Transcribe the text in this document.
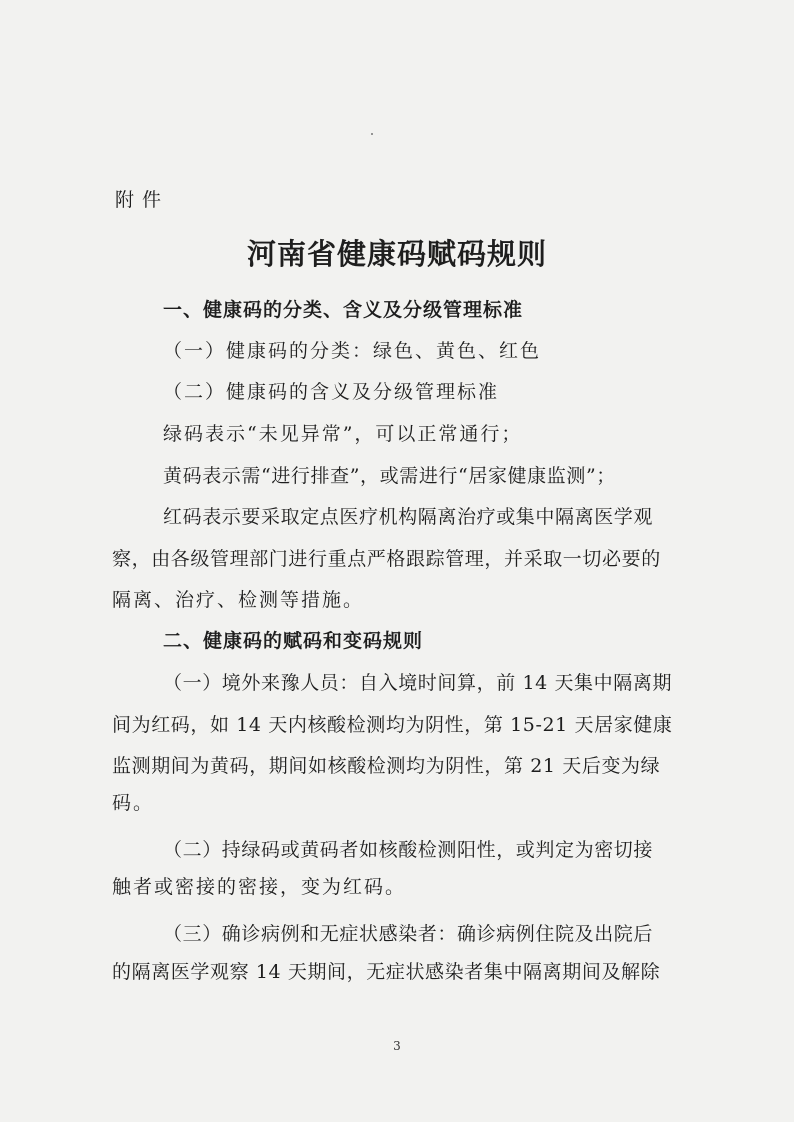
附件
河南省健康码赋码规则
一、健康码的分类、含义及分级管理标准
（一）健康码的分类：绿色、黄色、红色
（二）健康码的含义及分级管理标准
绿码表示“未见异常”，可以正常通行；
黄码表示需“进行排查”，或需进行“居家健康监测”；
红码表示要采取定点医疗机构隔离治疗或集中隔离医学观
察，由各级管理部门进行重点严格跟踪管理，并采取一切必要的
隔离、治疗、检测等措施。
二、健康码的赋码和变码规则
（一）境外来豫人员：自入境时间算，前 14 天集中隔离期
间为红码，如 14 天内核酸检测均为阴性，第 15-21 天居家健康
监测期间为黄码，期间如核酸检测均为阴性，第 21 天后变为绿
码。
（二）持绿码或黄码者如核酸检测阳性，或判定为密切接
触者或密接的密接，变为红码。
（三）确诊病例和无症状感染者：确诊病例住院及出院后
的隔离医学观察 14 天期间，无症状感染者集中隔离期间及解除
3
